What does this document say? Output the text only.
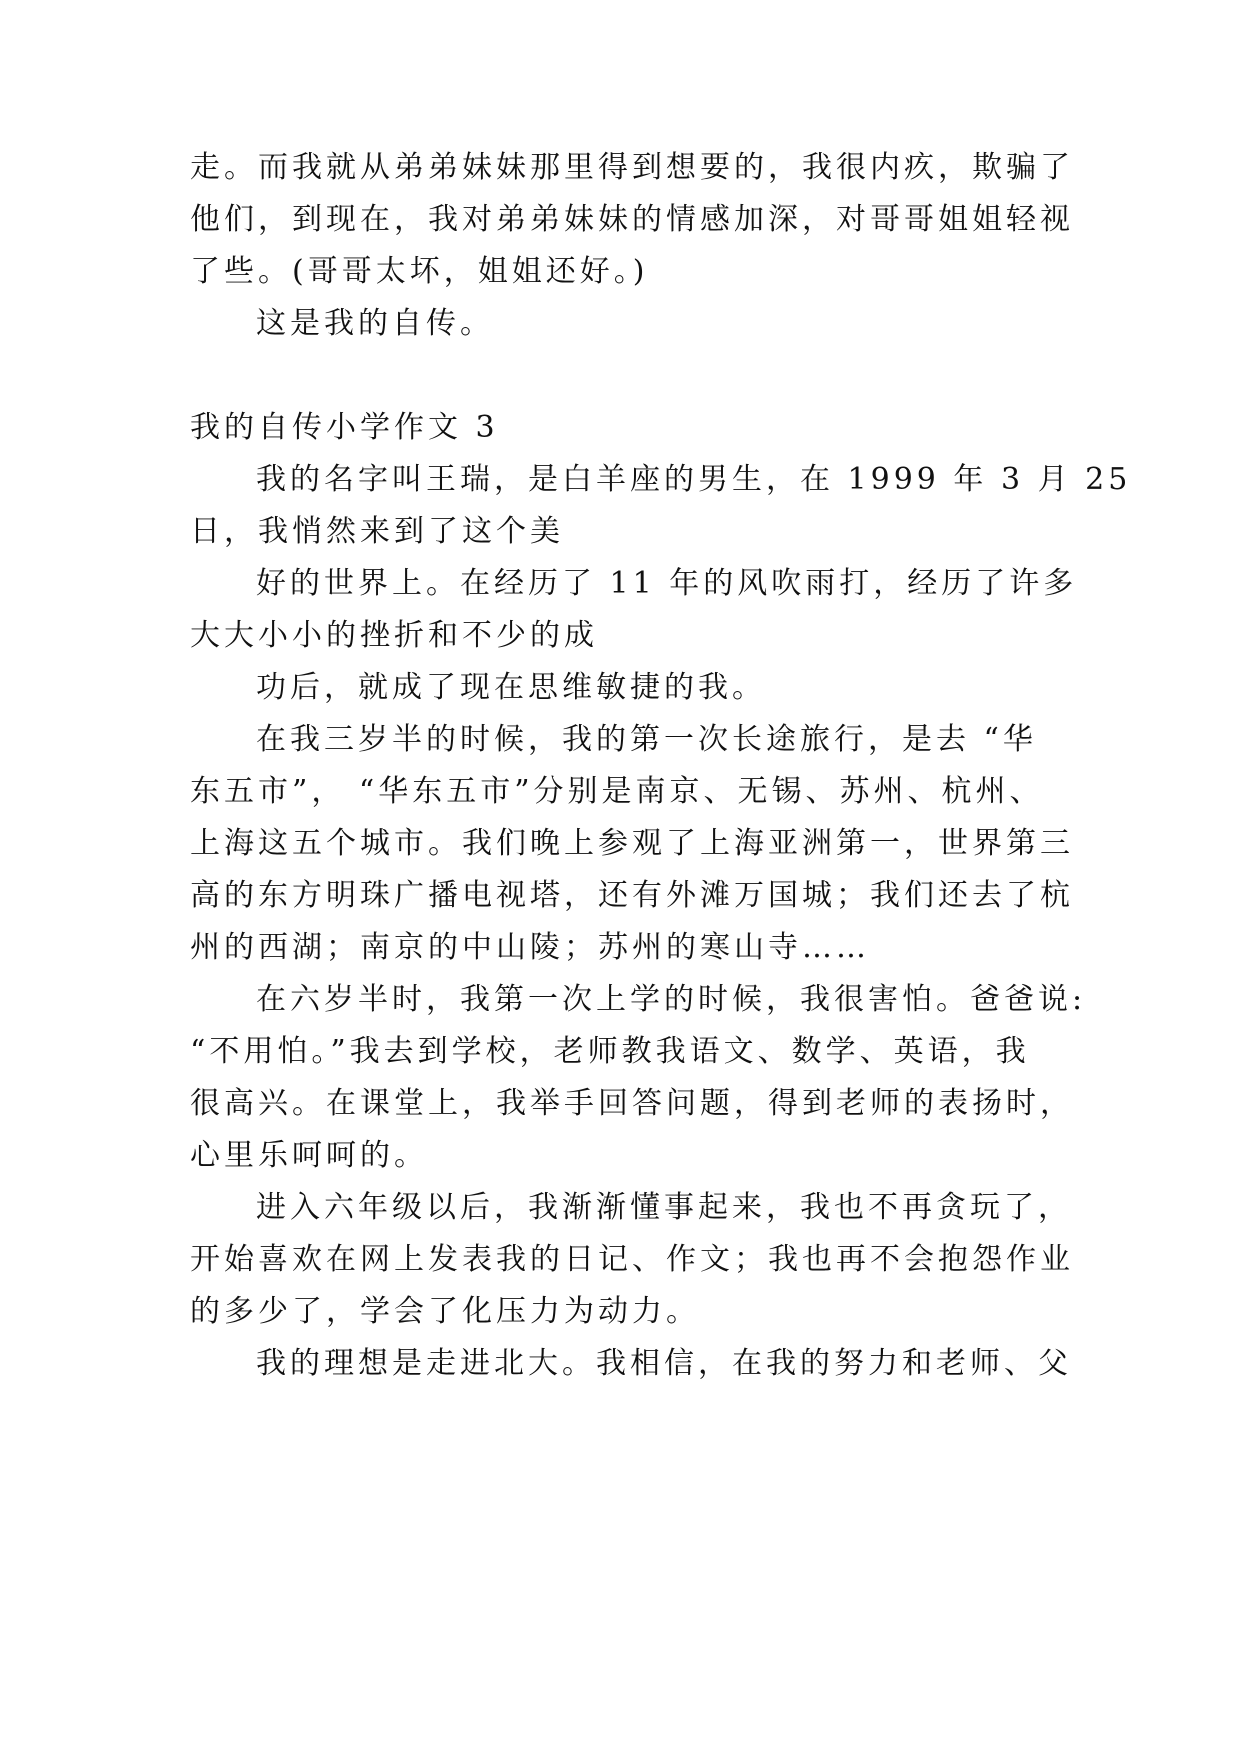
走。而我就从弟弟妹妹那里得到想要的，我很内疚，欺骗了
他们，到现在，我对弟弟妹妹的情感加深，对哥哥姐姐轻视
了些。(哥哥太坏，姐姐还好。)
这是我的自传。
我的自传小学作文 3
我的名字叫王瑞，是白羊座的男生，在 1999 年 3 月 25
日，我悄然来到了这个美
好的世界上。在经历了 11 年的风吹雨打，经历了许多
大大小小的挫折和不少的成
功后，就成了现在思维敏捷的我。
在我三岁半的时候，我的第一次长途旅行，是去 “华
东五市”， “华东五市”分别是南京、无锡、苏州、杭州、
上海这五个城市。我们晚上参观了上海亚洲第一，世界第三
高的东方明珠广播电视塔，还有外滩万国城；我们还去了杭
州的西湖；南京的中山陵；苏州的寒山寺……
在六岁半时，我第一次上学的时候，我很害怕。爸爸说:
“不用怕。”我去到学校，老师教我语文、数学、英语，我
很高兴。在课堂上，我举手回答问题，得到老师的表扬时，
心里乐呵呵的。
进入六年级以后，我渐渐懂事起来，我也不再贪玩了，
开始喜欢在网上发表我的日记、作文；我也再不会抱怨作业
的多少了，学会了化压力为动力。
我的理想是走进北大。我相信，在我的努力和老师、父
